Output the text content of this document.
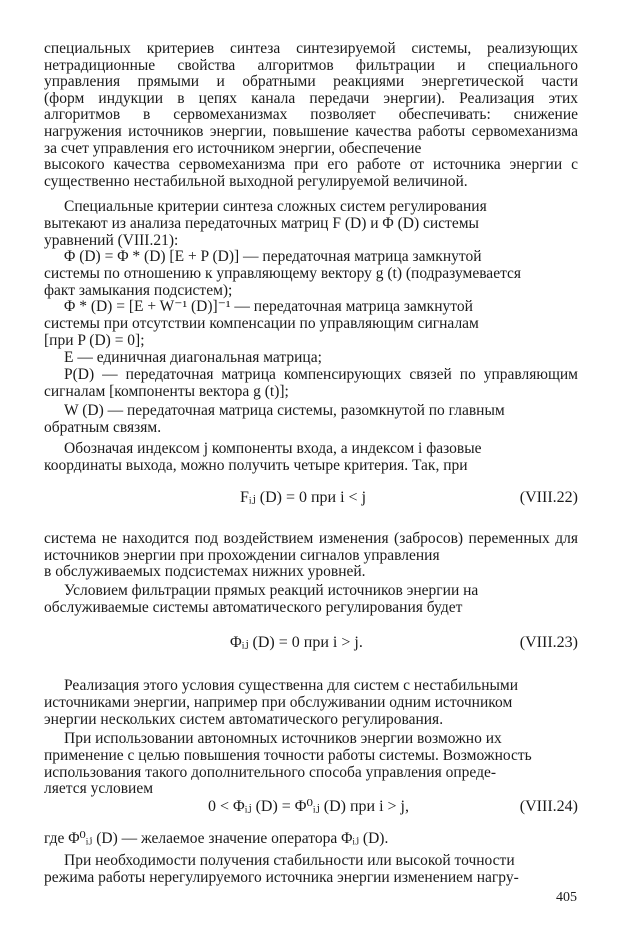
специальных критериев синтеза синтезируемой системы, реализующих
нетрадиционные свойства алгоритмов фильтрации и специального
управления прямыми и обратными реакциями энергетической части
(форм индукции в цепях канала передачи энергии). Реализация этих
алгоритмов в сервомеханизмах позволяет обеспечивать: снижение
нагружения источников энергии, повышение качества работы сервомеханизма за счет управления его источником энергии, обеспечение
высокого качества сервомеханизма при его работе от источника энергии с существенно нестабильной выходной регулируемой величиной.
Специальные критерии синтеза сложных систем регулирования
вытекают из анализа передаточных матриц F (D) и Φ (D) системы
уравнений (VIII.21):
Φ (D) = Φ * (D) [E + P (D)] — передаточная матрица замкнутой
системы по отношению к управляющему вектору g (t) (подразумевается
факт замыкания подсистем);
Φ * (D) = [E + W⁻¹ (D)]⁻¹ — передаточная матрица замкнутой
системы при отсутствии компенсации по управляющим сигналам
[при P (D) = 0];
E — единичная диагональная матрица;
P(D) — передаточная матрица компенсирующих связей по управляющим сигналам [компоненты вектора g (t)];
W (D) — передаточная матрица системы, разомкнутой по главным
обратным связям.
Обозначая индексом j компоненты входа, а индексом i фазовые
координаты выхода, можно получить четыре критерия. Так, при
Fᵢⱼ (D) = 0 при i < j	(VIII.22)
система не находится под воздействием изменения (забросов) переменных для источников энергии при прохождении сигналов управления
в обслуживаемых подсистемах нижних уровней.
Условием фильтрации прямых реакций источников энергии на
обслуживаемые системы автоматического регулирования будет
Φᵢⱼ (D) = 0 при i > j.	(VIII.23)
Реализация этого условия существенна для систем с нестабильными
источниками энергии, например при обслуживании одним источником
энергии нескольких систем автоматического регулирования.
При использовании автономных источников энергии возможно их
применение с целью повышения точности работы системы. Возможность
использования такого дополнительного способа управления опреде-
ляется условием
0 < Φᵢⱼ (D) = Φ⁰ᵢⱼ (D) при i > j,	(VIII.24)
где Φ⁰ᵢⱼ (D) — желаемое значение оператора Φᵢⱼ (D).
При необходимости получения стабильности или высокой точности
режима работы нерегулируемого источника энергии изменением нагру-
405
